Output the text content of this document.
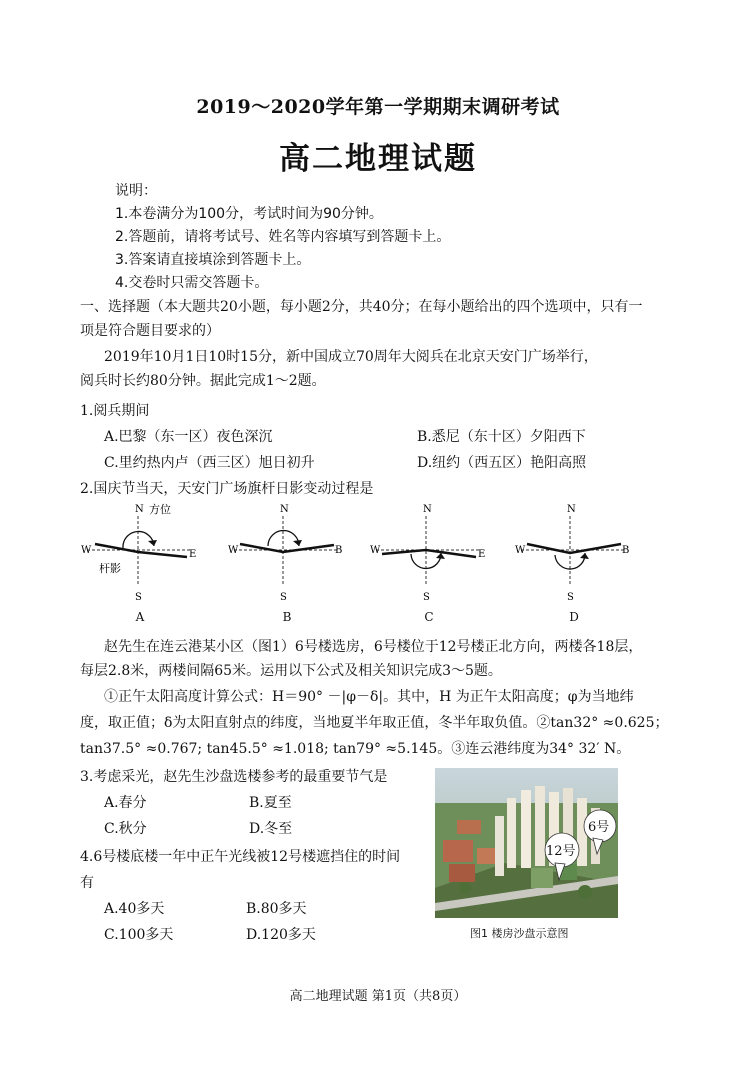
2019～2020学年第一学期期末调研考试
高二地理试题
说明：
1.本卷满分为100分，考试时间为90分钟。
2.答题前，请将考试号、姓名等内容填写到答题卡上。
3.答案请直接填涂到答题卡上。
4.交卷时只需交答题卡。
一、选择题（本大题共20小题，每小题2分，共40分；在每小题给出的四个选项中，只有一
项是符合题目要求的）
2019年10月1日10时15分，新中国成立70周年大阅兵在北京天安门广场举行，
阅兵时长约80分钟。据此完成1～2题。
1.阅兵期间
A.巴黎（东一区）夜色深沉	B.悉尼（东十区）夕阳西下
C.里约热内卢（西三区）旭日初升	D.纽约（西五区）艳阳高照
2.国庆节当天，天安门广场旗杆日影变动过程是
N
S
W	E
方位
杆影
A
N
S
W	B
B
N
S
W	E
C
N
S
W	B
D
赵先生在连云港某小区（图1）6号楼选房，6号楼位于12号楼正北方向，两楼各18层，
每层2.8米，两楼间隔65米。运用以下公式及相关知识完成3～5题。
①正午太阳高度计算公式：H＝90° －|φ－δ|。其中，H 为正午太阳高度；φ为当地纬
度，取正值；δ为太阳直射点的纬度，当地夏半年取正值，冬半年取负值。②tan32° ≈0.625；
tan37.5° ≈0.767; tan45.5° ≈1.018; tan79° ≈5.145。③连云港纬度为34° 32′ N。
3.考虑采光，赵先生沙盘选楼参考的最重要节气是
A.春分	B.夏至
C.秋分	D.冬至
4.6号楼底楼一年中正午光线被12号楼遮挡住的时间
有
A.40多天	B.80多天
C.100多天	D.120多天
6号
12号
图1 楼房沙盘示意图
高二地理试题 第1页（共8页）
